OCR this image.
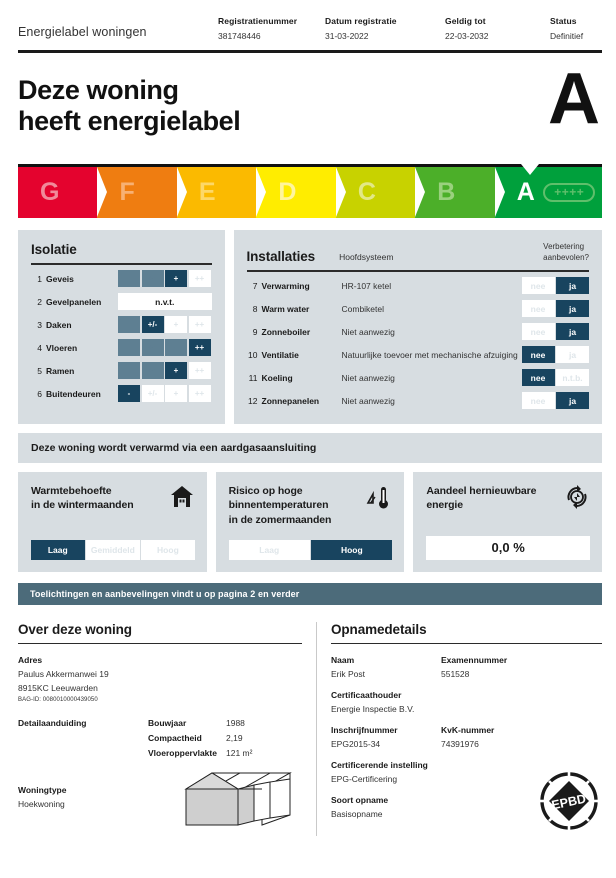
Energielabel woningen
Registratienummer
381748446
Datum registratie
31-03-2022
Geldig tot
22-03-2032
Status
Definitief
Deze woning
heeft energielabel	A
G F	E	D C B A	++++
Isolatie
1 Geveis	-	+/-	+	++
2 Gevelpanelen	n.v.t.
3 Daken	-	+/-	+	++
4 Vloeren	-	+/-	+	++
5 Ramen	-	+/-	+	++
6 Buitendeuren	-	+/-	+	++
Installaties	Hoofdsysteem
Verbetering
aanbevolen?
7 Verwarming	HR-107 ketel	nee	ja
8 Warm water	Combiketel	nee	ja
9 Zonneboiler	Niet aanwezig	nee	ja
10 Ventilatie	Natuurlijke toevoer met mechanische afzuiging	nee	ja
11 Koeling	Niet aanwezig	nee	n.t.b.
12 Zonnepanelen	Niet aanwezig	nee	ja
Deze woning wordt verwarmd via een aardgasaansluiting
Warmtebehoefte
in de wintermaanden
Laag	Gemiddeld	Hoog
Risico op hoge
binnentemperaturen
in de zomermaanden
Laag	Hoog
Aandeel hernieuwbare
energie
0,0 %
Toelichtingen en aanbevelingen vindt u op pagina 2 en verder
Over deze woning
Adres
Paulus Akkermanwei 19
8915KC Leeuwarden
BAG-ID: 0080010000439050
Detailaanduiding	Bouwjaar	1988
Compactheid	2,19
Vloeroppervlakte	121 m²
Woningtype
Hoekwoning
Opnamedetails
Naam
Erik Post
Examennummer
551528
Certificaathouder
Energie Inspectie B.V.
Inschrijfnummer
EPG2015-34
KvK-nummer
74391976
Certificerende instelling
EPG-Certificering
Soort opname
Basisopname
EPBD
